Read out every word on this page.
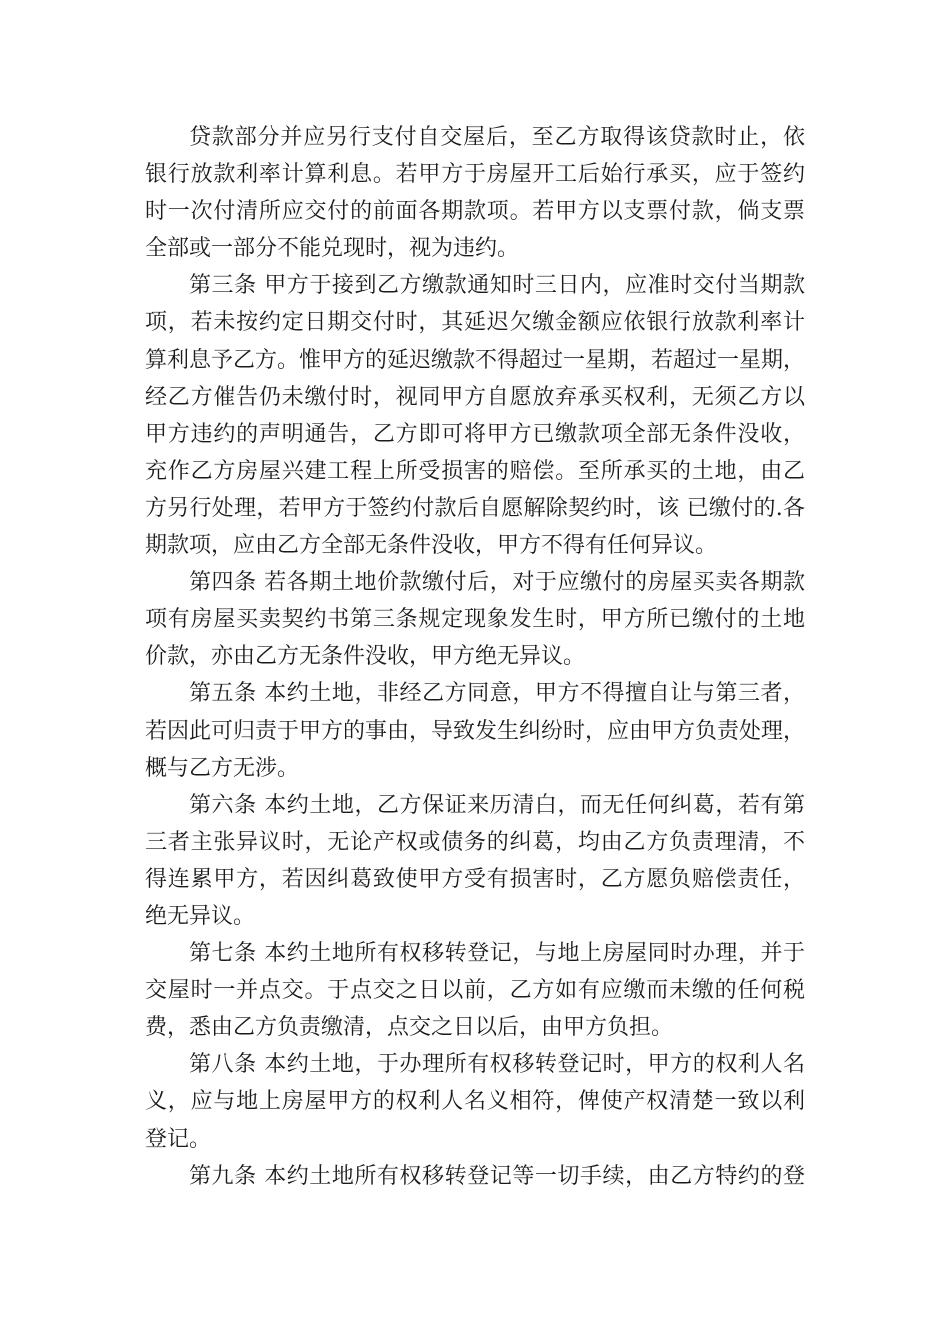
贷款部分并应另行支付自交屋后，至乙方取得该贷款时止，依
银行放款利率计算利息。若甲方于房屋开工后始行承买，应于签约
时一次付清所应交付的前面各期款项。若甲方以支票付款，倘支票
全部或一部分不能兑现时，视为违约。
第三条 甲方于接到乙方缴款通知时三日内，应准时交付当期款
项，若未按约定日期交付时，其延迟欠缴金额应依银行放款利率计
算利息予乙方。惟甲方的延迟缴款不得超过一星期，若超过一星期，
经乙方催告仍未缴付时，视同甲方自愿放弃承买权利，无须乙方以
甲方违约的声明通告，乙方即可将甲方已缴款项全部无条件没收，
充作乙方房屋兴建工程上所受损害的赔偿。至所承买的土地，由乙
方另行处理，若甲方于签约付款后自愿解除契约时，该 已缴付的.各
期款项，应由乙方全部无条件没收，甲方不得有任何异议。
第四条 若各期土地价款缴付后，对于应缴付的房屋买卖各期款
项有房屋买卖契约书第三条规定现象发生时，甲方所已缴付的土地
价款，亦由乙方无条件没收，甲方绝无异议。
第五条 本约土地，非经乙方同意，甲方不得擅自让与第三者，
若因此可归责于甲方的事由，导致发生纠纷时，应由甲方负责处理，
概与乙方无涉。
第六条 本约土地，乙方保证来历清白，而无任何纠葛，若有第
三者主张异议时，无论产权或债务的纠葛，均由乙方负责理清，不
得连累甲方，若因纠葛致使甲方受有损害时，乙方愿负赔偿责任，
绝无异议。
第七条 本约土地所有权移转登记，与地上房屋同时办理，并于
交屋时一并点交。于点交之日以前，乙方如有应缴而未缴的任何税
费，悉由乙方负责缴清，点交之日以后，由甲方负担。
第八条 本约土地，于办理所有权移转登记时，甲方的权利人名
义，应与地上房屋甲方的权利人名义相符，俾使产权清楚一致以利
登记。
第九条 本约土地所有权移转登记等一切手续，由乙方特约的登
